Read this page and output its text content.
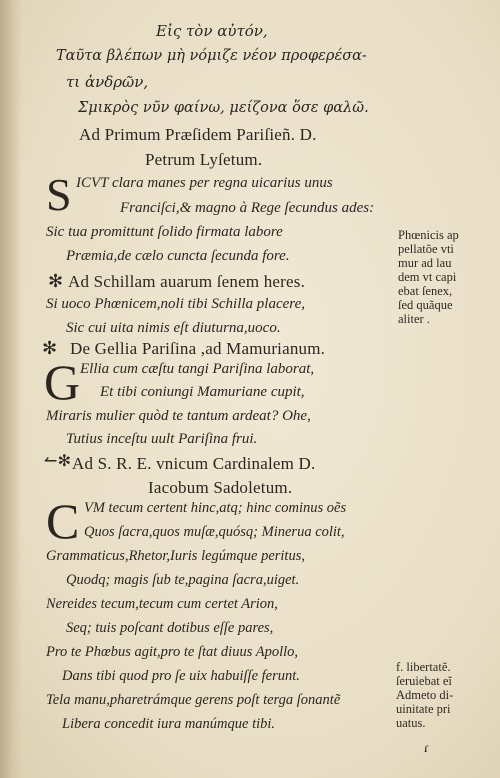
Εἰς τὸν αὐτόν,
Ταῦτα βλέπων μὴ νόμιζε νέον προφερέσα-
τι ἀνδρῶν,
Σμικρὸς νῦν φαίνω, μείζονα ὅσε φαλῶ.
Ad Primum Præſidem Pariſieñ. D.
Petrum Lyſetum.
S ICVT clara manes per regna uicarius unus
Franciſci,& magno à Rege ſecundus ades:
Sic tua promittunt ſolido firmata labore
Præmia,de cælo cuncta ſecunda fore.
✻ Ad Schillam auarum ſenem heres.
Si uoco Phœnicem,noli tibi Schilla placere,
Sic cui uita nimis eſt diuturna,uoco.
Phœnicis ap
pellatõe vti
mur ad lau
dem vt capi
ebat ſenex,
ſed quãque
aliter .
✻ De Gellia Pariſina ,ad Mamurianum.
G Ellia cum cæſtu tangi Pariſina laborat,
Et tibi coniungi Mamuriane cupit,
Miraris mulier quòd te tantum ardeat? Ohe,
Tutius inceſtu uult Pariſina frui.
↼✻ Ad S. R. E. vnicum Cardinalem D.
Iacobum Sadoletum.
C VM tecum certent hinc,atq; hinc cominus oẽs
Quos ſacra,quos muſæ,quósq; Minerua colit,
Grammaticus,Rhetor,Iuris legúmque peritus,
Quodq; magis ſub te,pagina ſacra,uiget.
Nereides tecum,tecum cum certet Arion,
Seq; tuis poſcant dotibus eſſe pares,
Pro te Phœbus agit,pro te ſtat diuus Apollo,
Dans tibi quod pro ſe uix habuiſſe ferunt.
Tela manu,pharetrámque gerens poſt terga ſonantẽ
Libera concedit iura manúmque tibi.
f. libertatẽ.
ſeruiebat eĩ
Admeto di-
uinitate pri
uatus.
ɾ
